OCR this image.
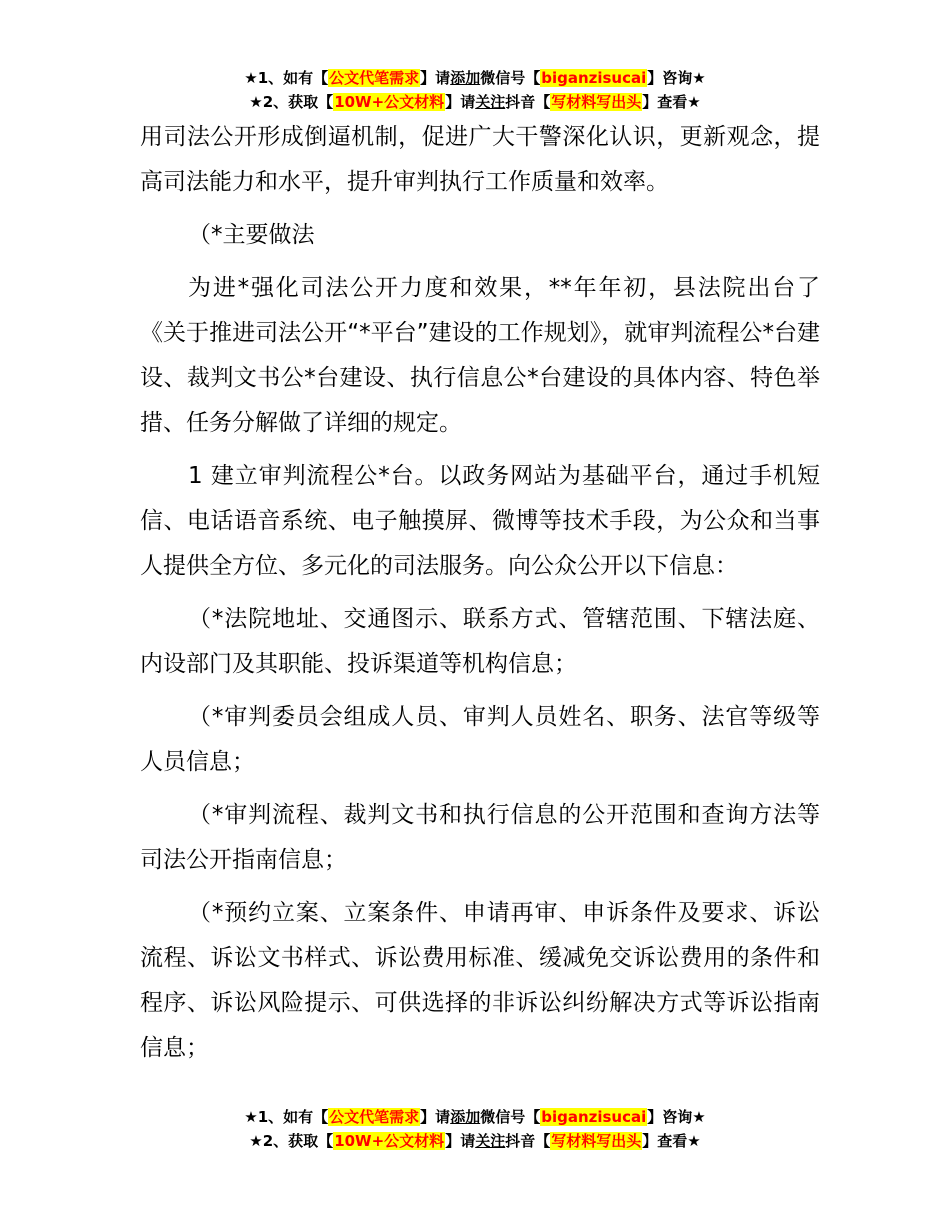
★1、如有【公文代笔需求】请添加微信号【biganzisucai】咨询★
★2、获取【10W+公文材料】请关注抖音【写材料写出头】查看★

用司法公开形成倒逼机制，促进广大干警深化认识，更新观念，提高司法能力和水平，提升审判执行工作质量和效率。

（*主要做法

为进*强化司法公开力度和效果，**年年初，县法院出台了《关于推进司法公开“*平台”建设的工作规划》，就审判流程公*台建设、裁判文书公*台建设、执行信息公*台建设的具体内容、特色举措、任务分解做了详细的规定。

1 建立审判流程公*台。以政务网站为基础平台，通过手机短信、电话语音系统、电子触摸屏、微博等技术手段，为公众和当事人提供全方位、多元化的司法服务。向公众公开以下信息：

（*法院地址、交通图示、联系方式、管辖范围、下辖法庭、内设部门及其职能、投诉渠道等机构信息；

（*审判委员会组成人员、审判人员姓名、职务、法官等级等人员信息；

（*审判流程、裁判文书和执行信息的公开范围和查询方法等司法公开指南信息；

（*预约立案、立案条件、申请再审、申诉条件及要求、诉讼流程、诉讼文书样式、诉讼费用标准、缓减免交诉讼费用的条件和程序、诉讼风险提示、可供选择的非诉讼纠纷解决方式等诉讼指南信息；

★1、如有【公文代笔需求】请添加微信号【biganzisucai】咨询★
★2、获取【10W+公文材料】请关注抖音【写材料写出头】查看★
